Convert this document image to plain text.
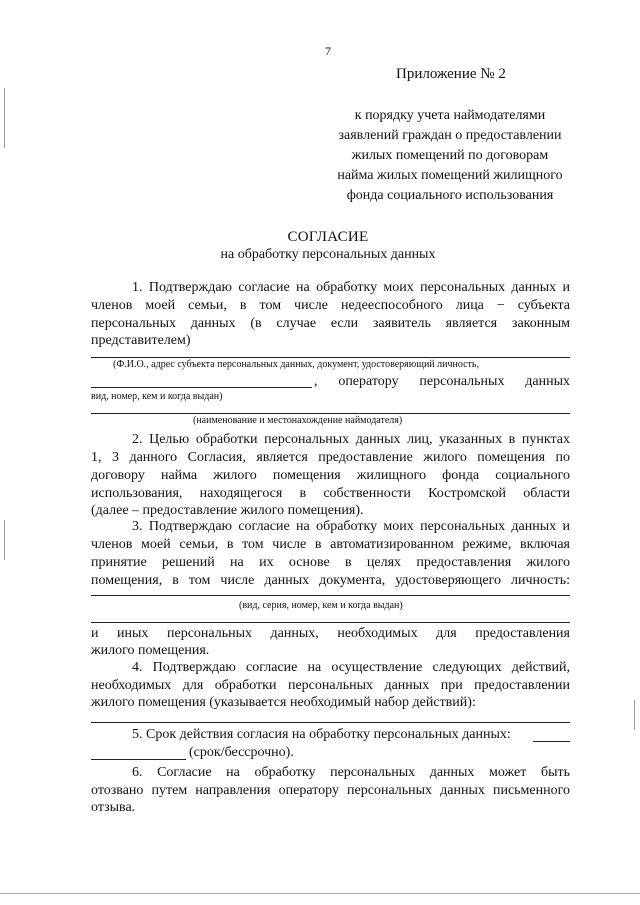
7
Приложение № 2
к порядку учета наймодателями
заявлений граждан о предоставлении
жилых помещений по договорам
найма жилых помещений жилищного
фонда социального использования
СОГЛАСИЕ
на обработку персональных данных
1. Подтверждаю согласие на обработку моих персональных данных и
членов моей семьи, в том числе недееспособного лица − субъекта
персональных данных (в случае если заявитель является законным
представителем)
(Ф.И.О., адрес субъекта персональных данных, документ, удостоверяющий личность,
, оператору персональных данных
вид, номер, кем и когда выдан)
(наименование и местонахождение наймодателя)
2. Целью обработки персональных данных лиц, указанных в пунктах
1, 3 данного Согласия, является предоставление жилого помещения по
договору найма жилого помещения жилищного фонда социального
использования, находящегося в собственности Костромской области
(далее – предоставление жилого помещения).
3. Подтверждаю согласие на обработку моих персональных данных и
членов моей семьи, в том числе в автоматизированном режиме, включая
принятие решений на их основе в целях предоставления жилого
помещения, в том числе данных документа, удостоверяющего личность:
(вид, серия, номер, кем и когда выдан)
и иных персональных данных, необходимых для предоставления
жилого помещения.
4. Подтверждаю согласие на осуществление следующих действий,
необходимых для обработки персональных данных при предоставлении
жилого помещения (указывается необходимый набор действий):
5. Срок действия согласия на обработку персональных данных:
(срок/бессрочно).
6. Согласие на обработку персональных данных может быть
отозвано путем направления оператору персональных данных письменного
отзыва.
